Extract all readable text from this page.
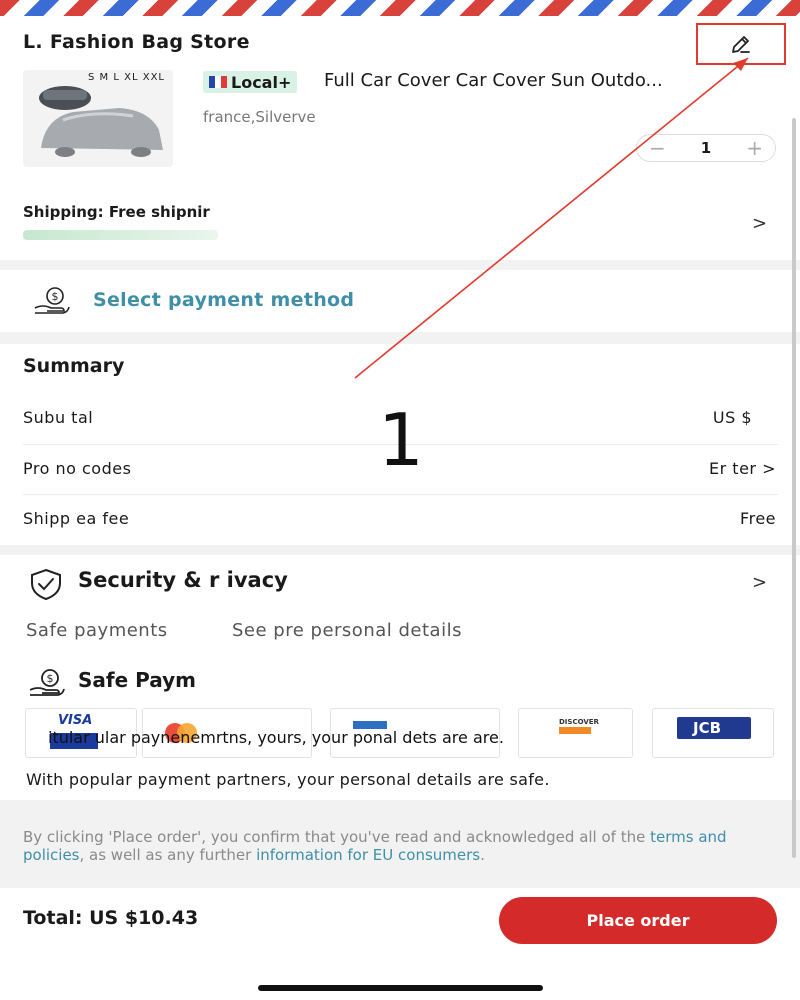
L. Fashion Bag Store
S M L XL XXL	Local+ Full Car Cover Car Cover Sun Outdo...
france,Silverve
− 1 +
Shipping: Free shipnir
>
$ Select payment method
Summary
Subu tal	US $
Pro no codes	Er ter >
Shipp ea fee	Free
1
Security & r ivacy	>
Safe payments	See pre personal details
$ Safe Paym
VISA	DISCOVER	JCB
itular ular paynenemrtns, yours, your ponal dets are are.
With popular payment partners, your personal details are safe.
By clicking 'Place order', you confirm that you've read and acknowledged all of the terms and policies, as well as any further information for EU consumers.
Total: US $10.43	Place order
